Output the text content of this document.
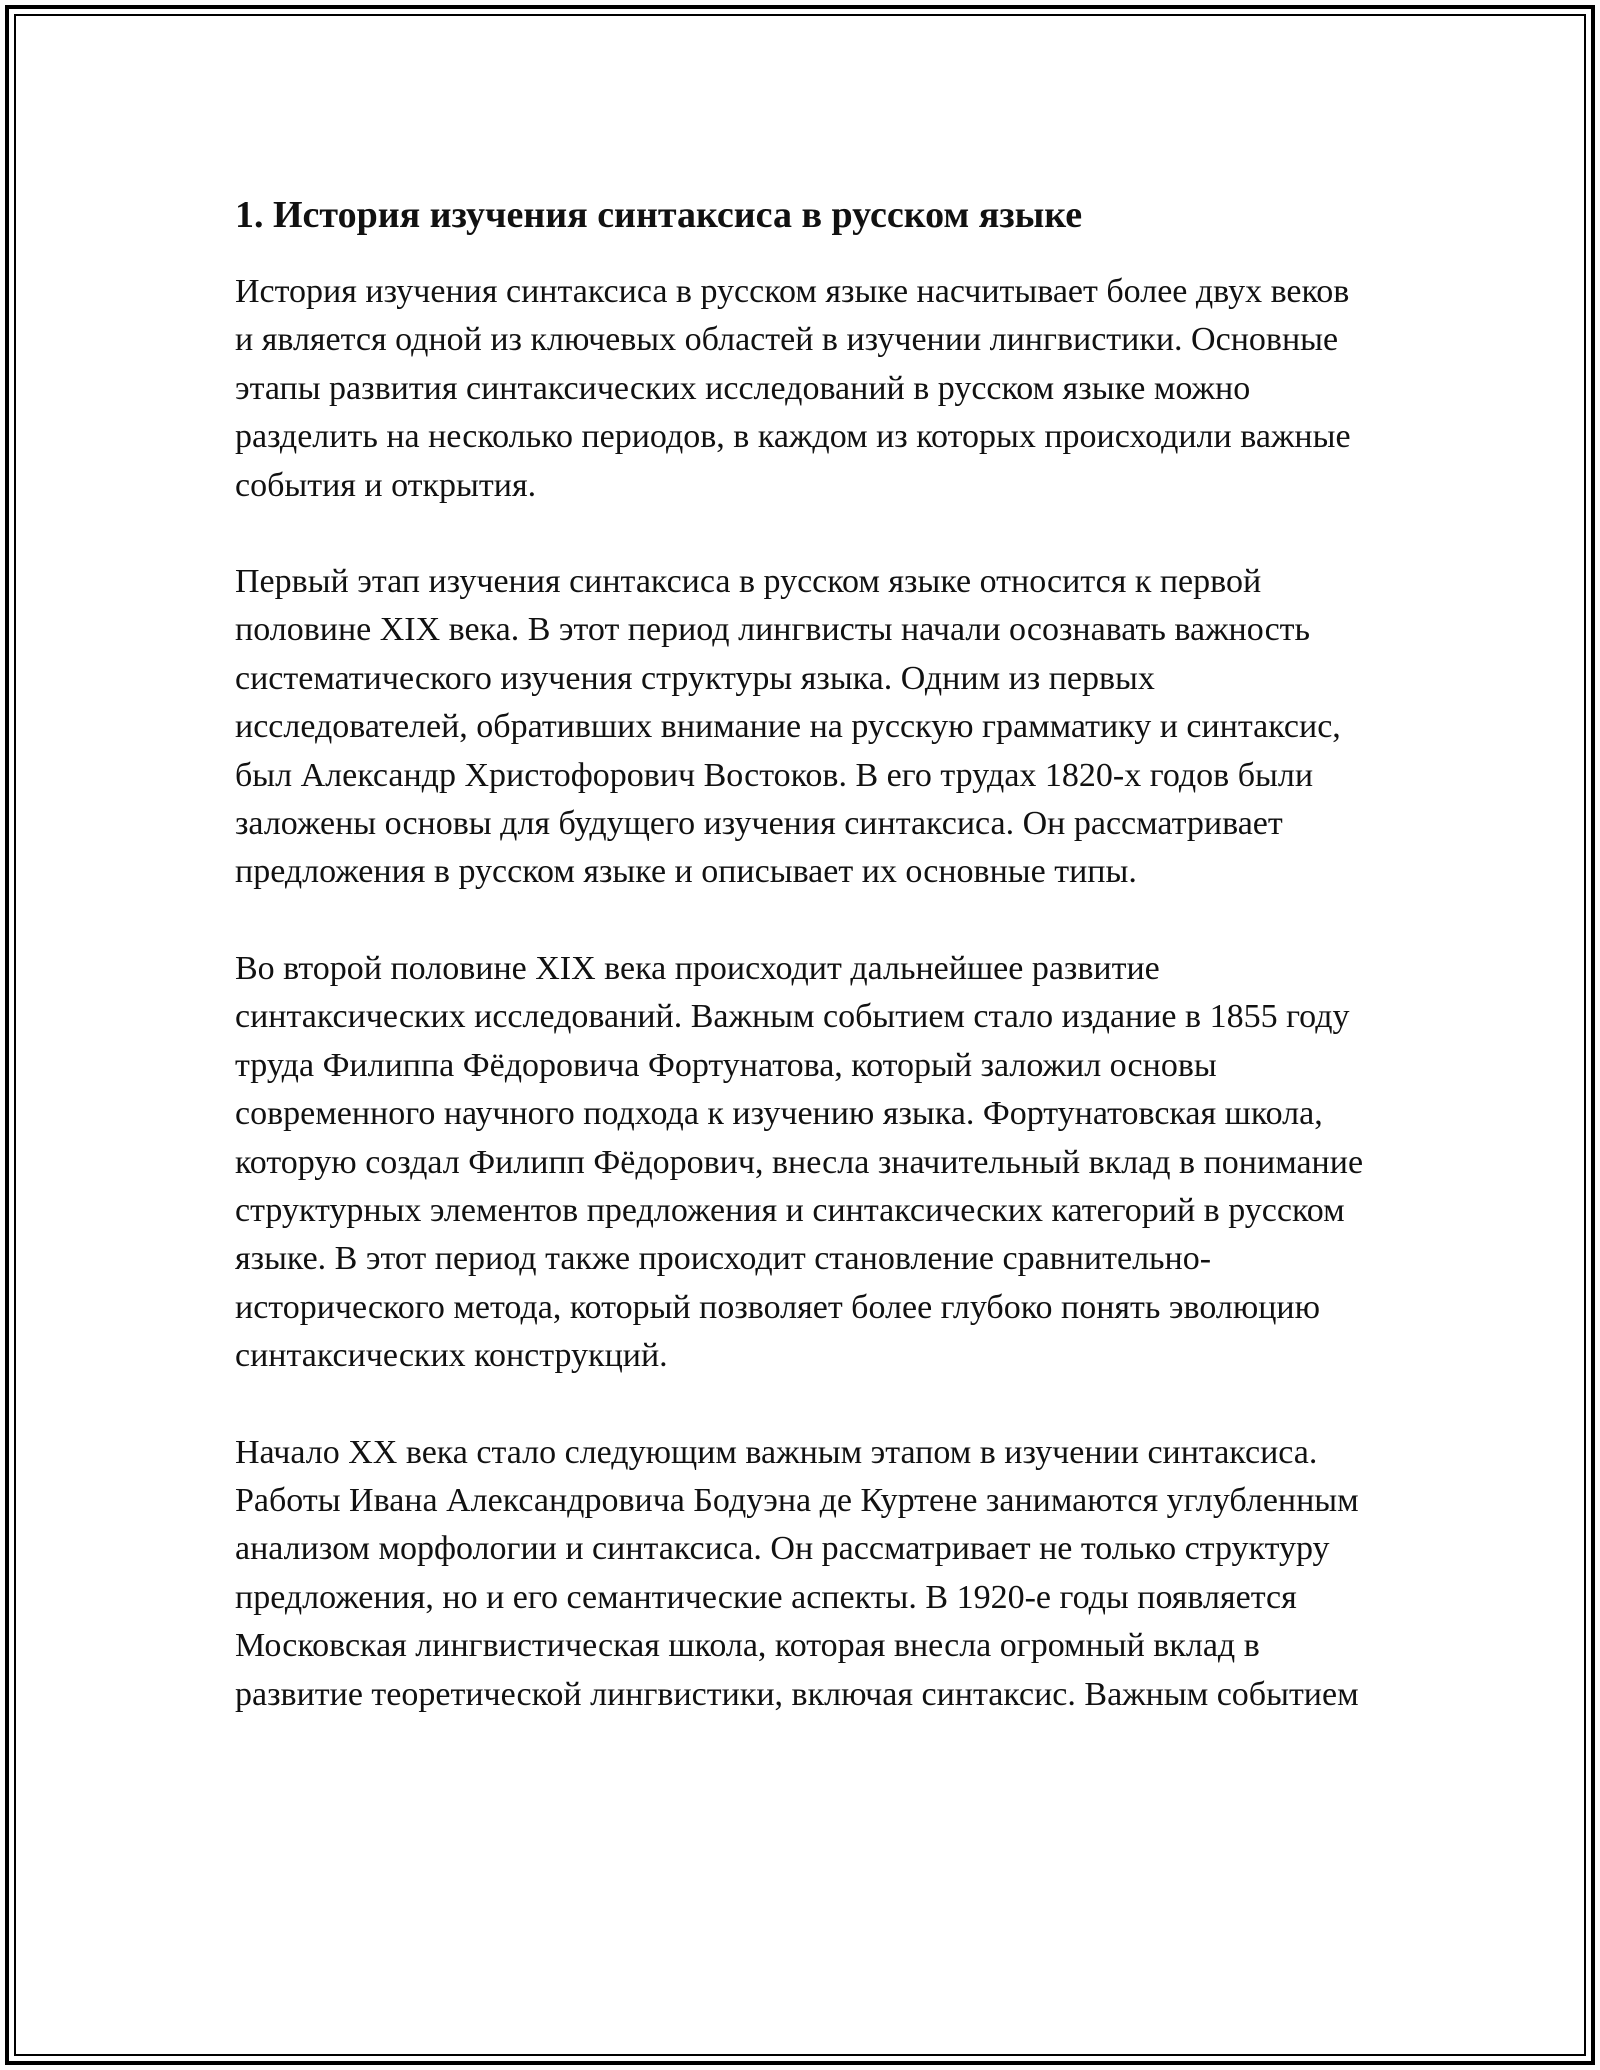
1. История изучения синтаксиса в русском языке

История изучения синтаксиса в русском языке насчитывает более двух веков и является одной из ключевых областей в изучении лингвистики. Основные этапы развития синтаксических исследований в русском языке можно разделить на несколько периодов, в каждом из которых происходили важные события и открытия.

Первый этап изучения синтаксиса в русском языке относится к первой половине XIX века. В этот период лингвисты начали осознавать важность систематического изучения структуры языка. Одним из первых исследователей, обративших внимание на русскую грамматику и синтаксис, был Александр Христофорович Востоков. В его трудах 1820-х годов были заложены основы для будущего изучения синтаксиса. Он рассматривает предложения в русском языке и описывает их основные типы.

Во второй половине XIX века происходит дальнейшее развитие синтаксических исследований. Важным событием стало издание в 1855 году труда Филиппа Фёдоровича Фортунатова, который заложил основы современного научного подхода к изучению языка. Фортунатовская школа, которую создал Филипп Фёдорович, внесла значительный вклад в понимание структурных элементов предложения и синтаксических категорий в русском языке. В этот период также происходит становление сравнительно-исторического метода, который позволяет более глубоко понять эволюцию синтаксических конструкций.

Начало XX века стало следующим важным этапом в изучении синтаксиса. Работы Ивана Александровича Бодуэна де Куртене занимаются углубленным анализом морфологии и синтаксиса. Он рассматривает не только структуру предложения, но и его семантические аспекты. В 1920-е годы появляется Московская лингвистическая школа, которая внесла огромный вклад в развитие теоретической лингвистики, включая синтаксис. Важным событием
